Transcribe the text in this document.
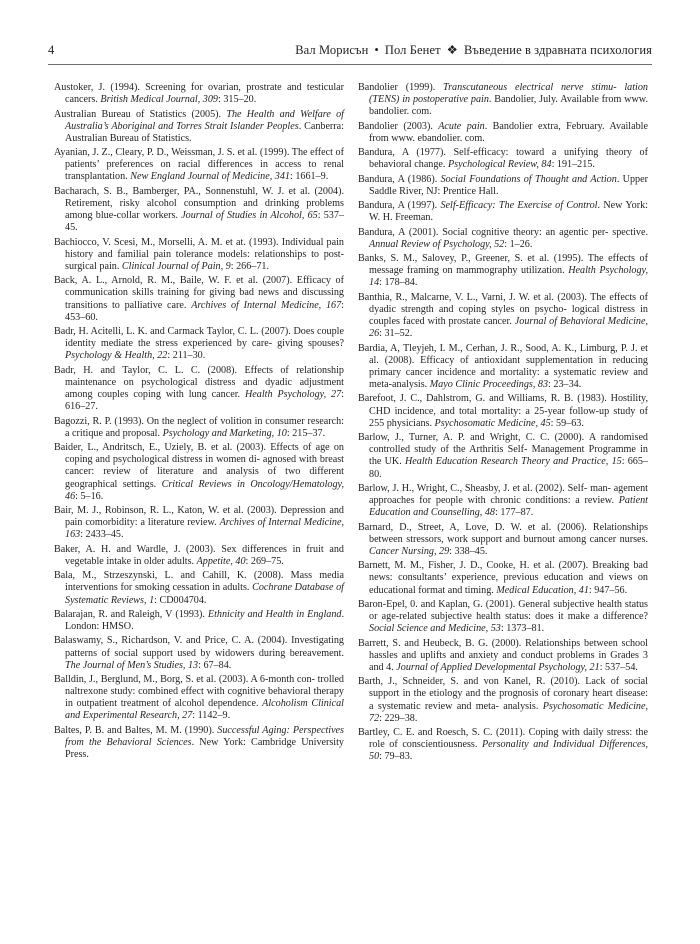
4	Вал Морисън • Пол Бенет ❖ Въведение в здравната психология

Austoker, J. (1994). Screening for ovarian, prostrate and testicular cancers. British Medical Journal, 309: 315–20.

Australian Bureau of Statistics (2005). The Health and Welfare of Australia’s Aboriginal and Torres Strait Islander Peoples. Canberra: Australian Bureau of Statistics.

Ayanian, J. Z., Cleary, P. D., Weissman, J. S. et al. (1999). The effect of patients’ preferences on racial differences in access to renal transplantation. New England Journal of Medicine, 341: 1661–9.

Bacharach, S. B., Bamberger, PA., Sonnenstuhl, W. J. et al. (2004). Retirement, risky alcohol consumption and drinking problems among blue-collar workers. Journal of Studies in Alcohol, 65: 537–45.

Bachiocco, V. Scesi, M., Morselli, A. M. et at. (1993). Individual pain history and familial pain tolerance models: relationships to post-surgical pain. Clinical Journal of Pain, 9: 266–71.

Back, A. L., Arnold, R. M., Baile, W. F. et al. (2007). Efficacy of communication skills training for giving bad news and discussing transitions to palliative care. Archives of Internal Medicine, 167: 453–60.

Badr, H. Acitelli, L. K. and Carmack Taylor, C. L. (2007). Does couple identity mediate the stress experienced by care- giving spouses? Psychology & Health, 22: 211–30.

Badr, H. and Taylor, C. L. C. (2008). Effects of relationship maintenance on psychological distress and dyadic adjustment among couples coping with lung cancer. Health Psychology, 27: 616–27.

Bagozzi, R. P. (1993). On the neglect of volition in consumer research: a critique and proposal. Psychology and Marketing, 10: 215–37.

Baider, L., Andritsch, E., Uziely, B. et al. (2003). Effects of age on coping and psychological distress in women di- agnosed with breast cancer: review of literature and analysis of two different geographical settings. Critical Reviews in Oncology/Hematology, 46: 5–16.

Bair, M. J., Robinson, R. L., Katon, W. et al. (2003). Depression and pain comorbidity: a literature review. Archives of Internal Medicine, 163: 2433–45.

Baker, A. H. and Wardle, J. (2003). Sex differences in fruit and vegetable intake in older adults. Appetite, 40: 269–75.

Bala, M., Strzeszynski, L. and Cahill, K. (2008). Mass media interventions for smoking cessation in adults. Cochrane Database of Systematic Reviews, 1: CD004704.

Balarajan, R. and Raleigh, V (1993). Ethnicity and Health in England. London: HMSO.

Balaswamy, S., Richardson, V. and Price, C. A. (2004). Investigating patterns of social support used by widowers during bereavement. The Journal of Men’s Studies, 13: 67–84.

Balldin, J., Berglund, M., Borg, S. et al. (2003). A 6-month con- trolled naltrexone study: combined effect with cognitive behavioral therapy in outpatient treatment of alcohol dependence. Alcoholism Clinical and Experimental Research, 27: 1142–9.

Baltes, P. B. and Baltes, M. M. (1990). Successful Aging: Perspectives from the Behavioral Sciences. New York: Cambridge University Press.

Bandolier (1999). Transcutaneous electrical nerve stimu- lation (TENS) in postoperative pain. Bandolier, July. Available from www. bandolier. com.

Bandolier (2003). Acute pain. Bandolier extra, February. Available from www. ebandolier. com.

Bandura, A (1977). Self-efficacy: toward a unifying theory of behavioral change. Psychological Review, 84: 191–215.

Bandura, A (1986). Social Foundations of Thought and Action. Upper Saddle River, NJ: Prentice Hall.

Bandura, A (1997). Self-Efficacy: The Exercise of Control. New York: W. H. Freeman.

Bandura, A (2001). Social cognitive theory: an agentic per- spective. Annual Review of Psychology, 52: 1–26.

Banks, S. M., Salovey, P., Greener, S. et al. (1995). The effects of message framing on mammography utilization. Health Psychology, 14: 178–84.

Banthia, R., Malcarne, V. L., Varni, J. W. et al. (2003). The effects of dyadic strength and coping styles on psycho- logical distress in couples faced with prostate cancer. Journal of Behavioral Medicine, 26: 31–52.

Bardia, A, Tleyjeh, I. M., Cerhan, J. R., Sood, A. K., Limburg, P. J. et al. (2008). Efficacy of antioxidant supplementation in reducing primary cancer incidence and mortality: a systematic review and meta-analysis. Mayo Clinic Proceedings, 83: 23–34.

Barefoot, J. C., Dahlstrom, G. and Williams, R. B. (1983). Hostility, CHD incidence, and total mortality: a 25-year follow-up study of 255 physicians. Psychosomatic Medicine, 45: 59–63.

Barlow, J., Turner, A. P. and Wright, C. C. (2000). A randomised controlled study of the Arthritis Self- Management Programme in the UK. Health Education Research Theory and Practice, 15: 665–80.

Barlow, J. H., Wright, C., Sheasby, J. et al. (2002). Self- man- agement approaches for people with chronic conditions: a review. Patient Education and Counselling, 48: 177–87.

Barnard, D., Street, A, Love, D. W. et al. (2006). Relationships between stressors, work support and burnout among cancer nurses. Cancer Nursing, 29: 338–45.

Barnett, M. M., Fisher, J. D., Cooke, H. et al. (2007). Breaking bad news: consultants’ experience, previous education and views on educational format and timing. Medical Education, 41: 947–56.

Baron-Epel, 0. and Kaplan, G. (2001). General subjective health status or age-related subjective health status: does it make a difference? Social Science and Medicine, 53: 1373–81.

Barrett, S. and Heubeck, B. G. (2000). Relationships between school hassles and uplifts and anxiety and conduct problems in Grades 3 and 4. Journal of Applied Developmental Psychology, 21: 537–54.

Barth, J., Schneider, S. and von Kanel, R. (2010). Lack of social support in the etiology and the prognosis of coronary heart disease: a systematic review and meta- analysis. Psychosomatic Medicine, 72: 229–38.

Bartley, C. E. and Roesch, S. C. (2011). Coping with daily stress: the role of conscientiousness. Personality and Individual Differences, 50: 79–83.
